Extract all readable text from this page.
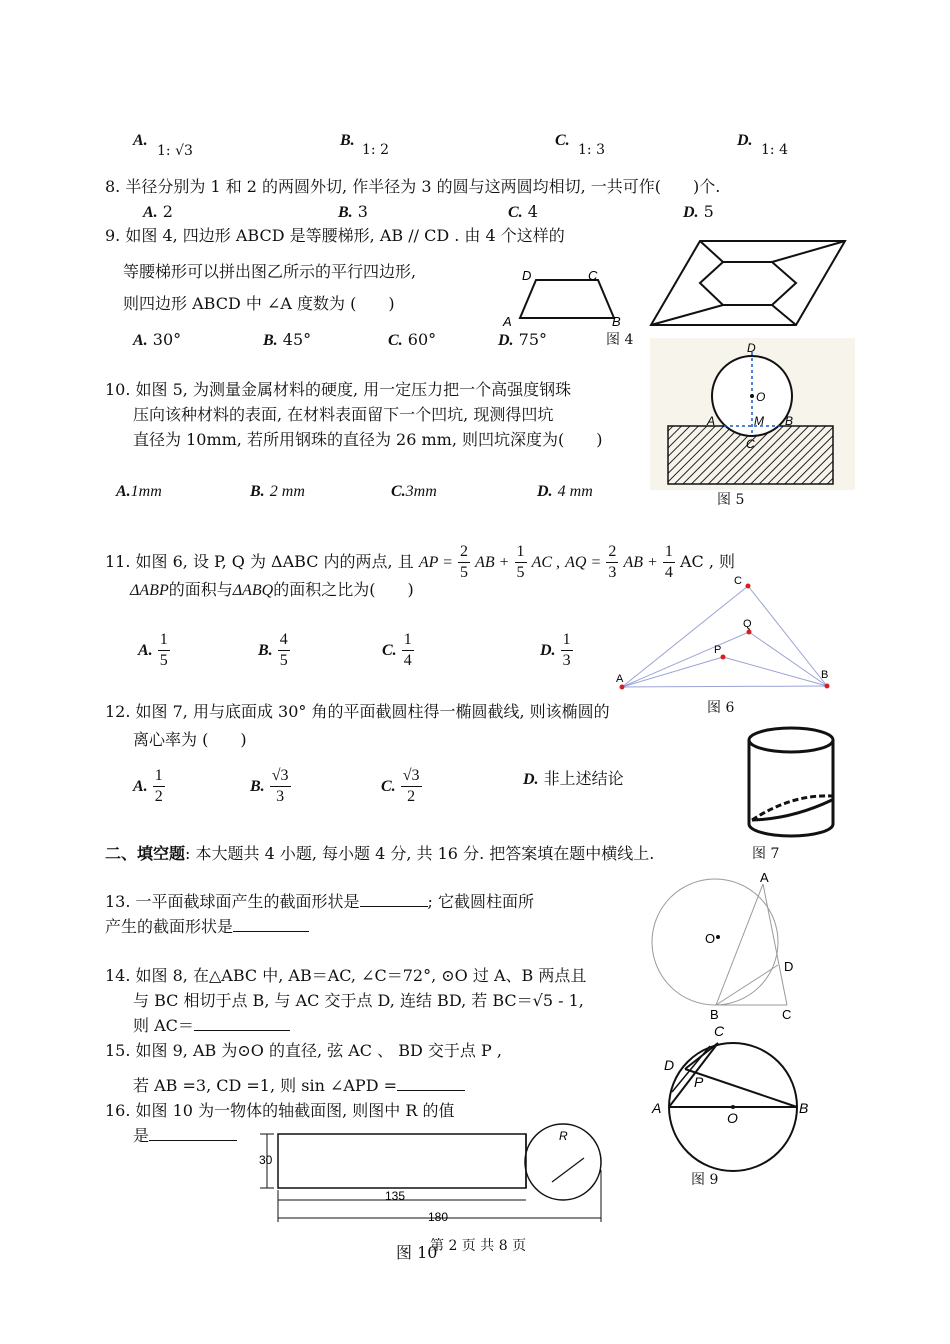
A.
1: √3
B.
1: 2
C.
1: 3
D.
1: 4
8. 半径分别为 1 和 2 的两圆外切, 作半径为 3 的圆与这两圆均相切, 一共可作(　　)个.
A. 2	B. 3	C. 4	D. 5
9. 如图 4, 四边形 ABCD 是等腰梯形, AB // CD . 由 4 个这样的
等腰梯形可以拼出图乙所示的平行四边形,
则四边形 ABCD 中 ∠A 度数为 (　　)
A. 30°	B. 45°	C. 60°	D. 75°	图 4
D	C
A	B
10. 如图 5, 为测量金属材料的硬度, 用一定压力把一个高强度钢珠
压向该种材料的表面, 在材料表面留下一个凹坑, 现测得凹坑
直径为 10mm, 若所用钢珠的直径为 26 mm, 则凹坑深度为(　　)
A.1mm	B. 2 mm	C.3mm	D. 4 mm	图 5
D
O
A	M B
C
11. 如图 6, 设 P, Q 为 ΔABC 内的两点, 且 AP = $\frac{2}{5}$ AB + $\frac{1}{5}$ AC , AQ = $\frac{2}{3}$ AB + $\frac{1}{4}$ AC , 则
ΔABP的面积与ΔABQ的面积之比为(　　)
A. $\frac{1}{5}$	B. $\frac{4}{5}$	C. $\frac{1}{4}$	D. $\frac{1}{3}$
A
C
B
P
Q
图 6
12. 如图 7, 用与底面成 30° 角的平面截圆柱得一椭圆截线, 则该椭圆的
离心率为 (　　)
A. $\frac{1}{2}$	B. $\frac{√3}{3}$	C. $\frac{√3}{2}$	D. 非上述结论
图 7
二、填空题: 本大题共 4 小题, 每小题 4 分, 共 16 分. 把答案填在题中横线上.
13. 一平面截球面产生的截面形状是	; 它截圆柱面所
产生的截面形状是
A
O
D
B	C
14. 如图 8, 在△ABC 中, AB＝AC, ∠C＝72°, ⊙O 过 A、B 两点且
与 BC 相切于点 B, 与 AC 交于点 D, 连结 BD, 若 BC＝√5 - 1,
则 AC＝
15. 如图 9, AB 为⊙O 的直径, 弦 AC 、 BD 交于点 P ,
若 AB =3, CD =1, 则 sin ∠APD =
C
D
P
A
O
B
图 9
16. 如图 10 为一物体的轴截面图, 则图中 R 的值
是
30
135
180
R
图 10
第 2 页 共 8 页
